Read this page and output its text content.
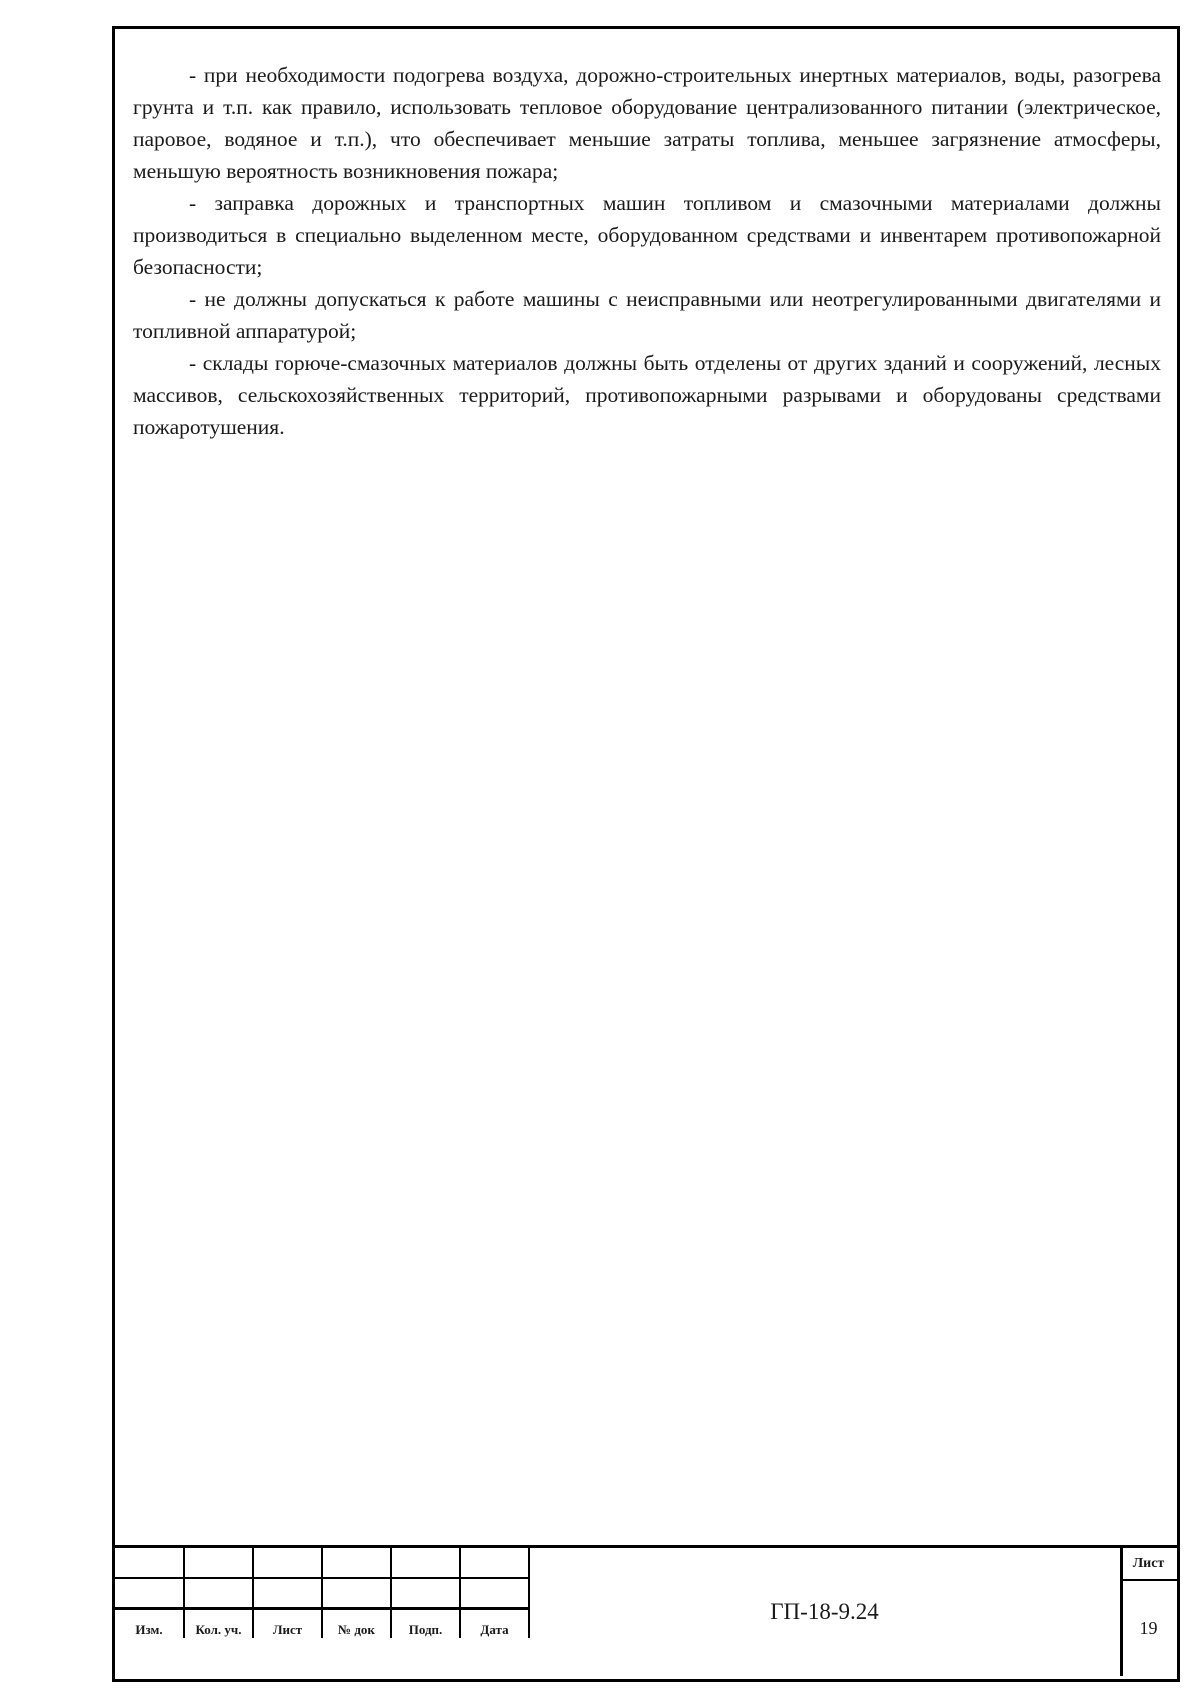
- при необходимости подогрева воздуха, дорожно-строительных инертных материалов, воды, разогрева грунта и т.п. как правило, использовать тепловое оборудование централизованного питании (электрическое, паровое, водяное и т.п.), что обеспечивает меньшие затраты топлива, меньшее загрязнение атмосферы, меньшую вероятность возникновения пожара;

- заправка дорожных и транспортных машин топливом и смазочными материалами должны производиться в специально выделенном месте, оборудованном средствами и инвентарем противопожарной безопасности;

- не должны допускаться к работе машины с неисправными или неотрегулированными двигателями и топливной аппаратурой;

- склады горюче-смазочных материалов должны быть отделены от других зданий и сооружений, лесных массивов, сельскохозяйственных территорий, противопожарными разрывами и оборудованы средствами пожаротушения.

Изм.	Кол. уч.	Лист	№ док	Подп.	Дата
ГП-18-9.24
Лист
19
